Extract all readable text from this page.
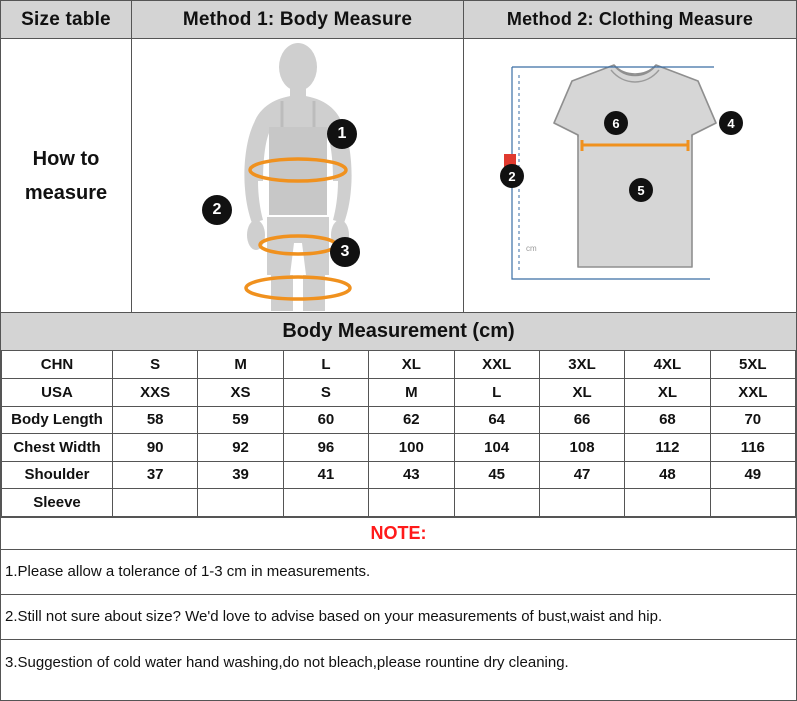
Size table
How to
measure
Method 1: Body Measure
1
2
3
Method 2: Clothing Measure
cm
6	4
2
5
Body Measurement (cm)
CHN	S	M	L	XL	XXL	3XL	4XL	5XL
USA	XXS	XS	S	M	L	XL	XL	XXL
Body Length	58	59	60	62	64	66	68	70
Chest Width	90	92	96	100	104	108	112	116
Shoulder	37	39	41	43	45	47	48	49
Sleeve								
NOTE:
1.Please allow a tolerance of 1-3 cm in measurements.
2.Still not sure about size? We'd love to advise based on your measurements of bust,waist and hip.
3.Suggestion of cold water hand washing,do not bleach,please rountine dry cleaning.
